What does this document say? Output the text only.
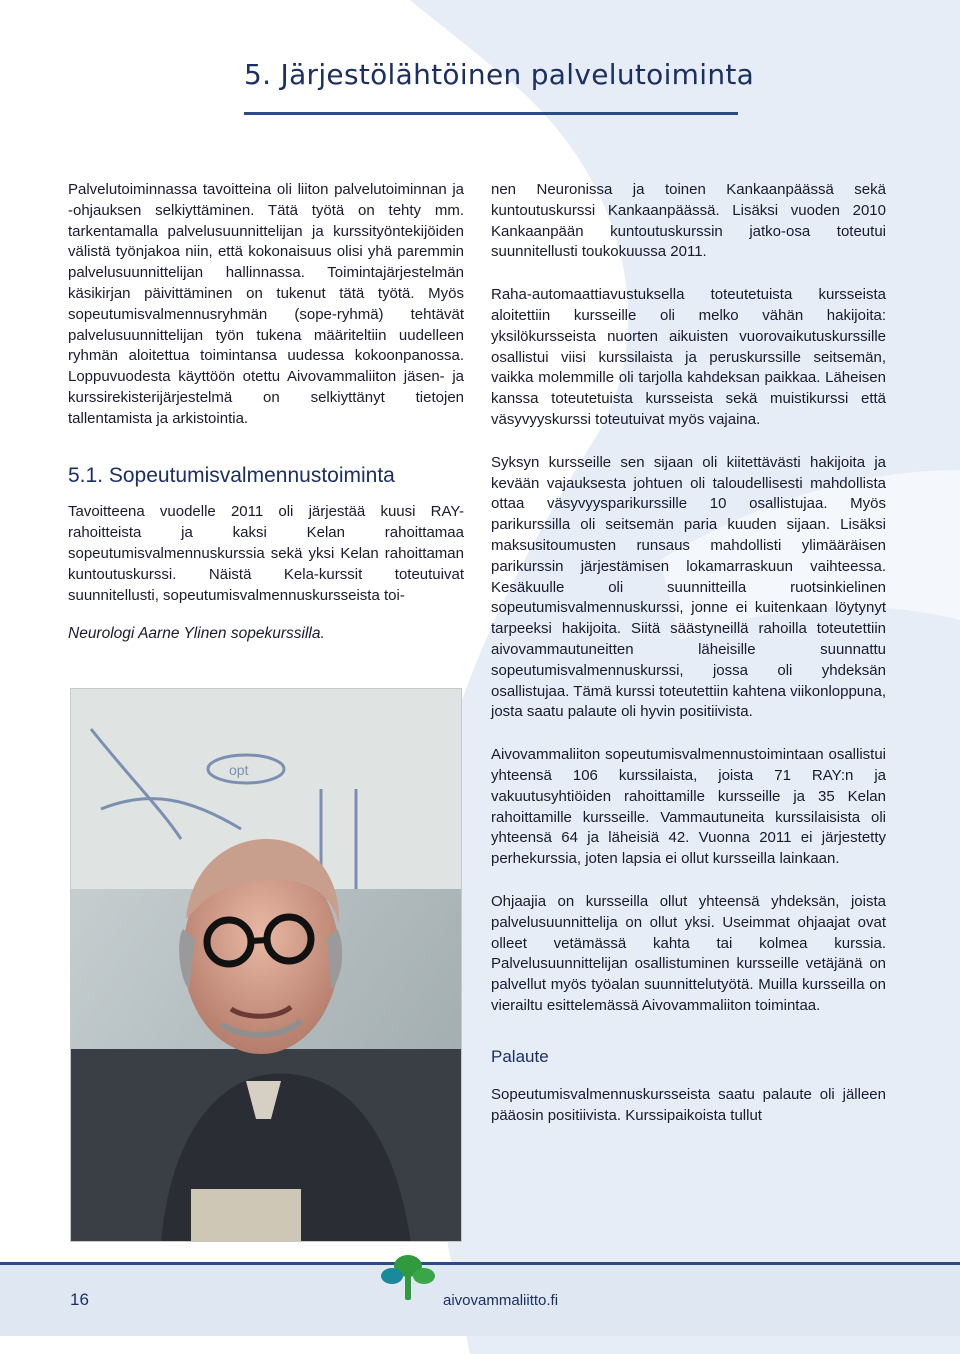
5. Järjestölähtöinen palvelutoiminta

Palvelutoiminnassa tavoitteina oli liiton palvelutoiminnan ja -ohjauksen selkiyttäminen. Tätä työtä on tehty mm. tarkentamalla palvelusuunnittelijan ja kurssityöntekijöiden välistä työnjakoa niin, että kokonaisuus olisi yhä paremmin palvelusuunnittelijan hallinnassa. Toimintajärjestelmän käsikirjan päivittäminen on tukenut tätä työtä. Myös sopeutumisvalmennusryhmän (sope-ryhmä) tehtävät palvelusuunnittelijan työn tukena määriteltiin uudelleen ryhmän aloitettua toimintansa uudessa kokoonpanossa. Loppuvuodesta käyttöön otettu Aivovammaliiton jäsen- ja kurssirekisterijärjestelmä on selkiyttänyt tietojen tallentamista ja arkistointia.

5.1. Sopeutumisvalmennustoiminta

Tavoitteena vuodelle 2011 oli järjestää kuusi RAY-rahoitteista ja kaksi Kelan rahoittamaa sopeutumisvalmennuskurssia sekä yksi Kelan rahoittaman kuntoutuskurssi. Näistä Kela-kurssit toteutuivat suunnitellusti, sopeutumisvalmennuskursseista toi-

Neurologi Aarne Ylinen sopekurssilla.

opt

nen Neuronissa ja toinen Kankaanpäässä sekä kuntoutuskurssi Kankaanpäässä. Lisäksi vuoden 2010 Kankaanpään kuntoutuskurssin jatko-osa toteutui suunnitellusti toukokuussa 2011.

Raha-automaattiavustuksella toteutetuista kursseista aloitettiin kursseille oli melko vähän hakijoita: yksilökursseista nuorten aikuisten vuorovaikutuskurssille osallistui viisi kurssilaista ja peruskurssille seitsemän, vaikka molemmille oli tarjolla kahdeksan paikkaa. Läheisen kanssa toteutetuista kursseista sekä muistikurssi että väsyvyyskurssi toteutuivat myös vajaina.

Syksyn kursseille sen sijaan oli kiitettävästi hakijoita ja kevään vajauksesta johtuen oli taloudellisesti mahdollista ottaa väsyvyysparikurssille 10 osallistujaa. Myös parikurssilla oli seitsemän paria kuuden sijaan. Lisäksi maksusitoumusten runsaus mahdollisti ylimääräisen parikurssin järjestämisen lokamarraskuun vaihteessa. Kesäkuulle oli suunnitteilla ruotsinkielinen sopeutumisvalmennuskurssi, jonne ei kuitenkaan löytynyt tarpeeksi hakijoita. Siitä säästyneillä rahoilla toteutettiin aivovammautuneitten läheisille suunnattu sopeutumisvalmennuskurssi, jossa oli yhdeksän osallistujaa. Tämä kurssi toteutettiin kahtena viikonloppuna, josta saatu palaute oli hyvin positiivista.

Aivovammaliiton sopeutumisvalmennustoimintaan osallistui yhteensä 106 kurssilaista, joista 71 RAY:n ja vakuutusyhtiöiden rahoittamille kursseille ja 35 Kelan rahoittamille kursseille. Vammautuneita kurssilaisista oli yhteensä 64 ja läheisiä 42. Vuonna 2011 ei järjestetty perhekurssia, joten lapsia ei ollut kursseilla lainkaan.

Ohjaajia on kursseilla ollut yhteensä yhdeksän, joista palvelusuunnittelija on ollut yksi. Useimmat ohjaajat ovat olleet vetämässä kahta tai kolmea kurssia. Palvelusuunnittelijan osallistuminen kursseille vetäjänä on palvellut myös työalan suunnittelutyötä. Muilla kursseilla on vierailtu esittelemässä Aivovammaliiton toimintaa.

Palaute

Sopeutumisvalmennuskursseista saatu palaute oli jälleen pääosin positiivista. Kurssipaikoista tullut

16	aivovammaliitto.fi
